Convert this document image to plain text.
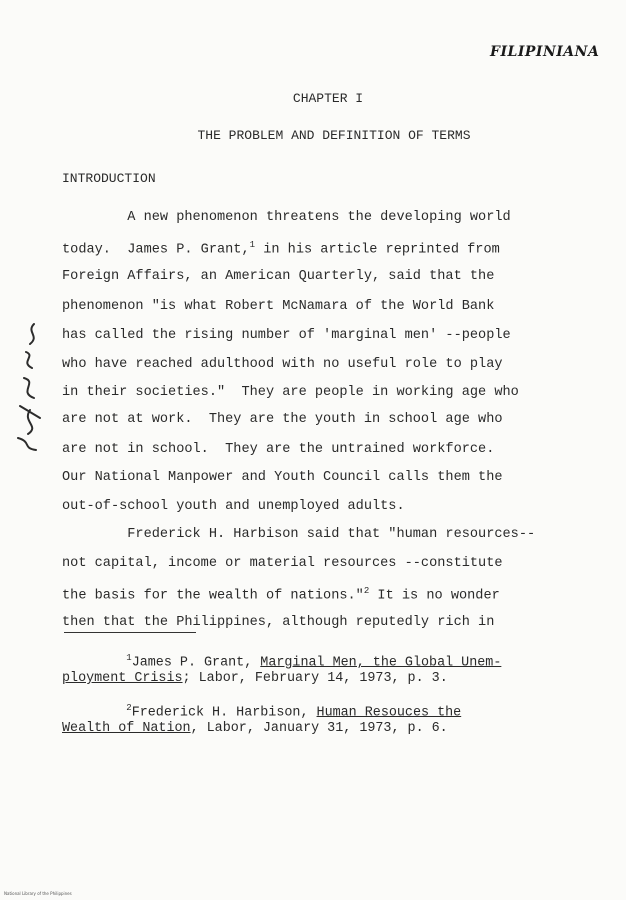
FILIPINIANA
CHAPTER I
THE PROBLEM AND DEFINITION OF TERMS
INTRODUCTION
A new phenomenon threatens the developing world
today.  James P. Grant,$^1$ in his article reprinted from
Foreign Affairs, an American Quarterly, said that the
phenomenon "is what Robert McNamara of the World Bank
has called the rising number of 'marginal men' --people
who have reached adulthood with no useful role to play
in their societies."  They are people in working age who
are not at work.  They are the youth in school age who
are not in school.  They are the untrained workforce.
Our National Manpower and Youth Council calls them the
out-of-school youth and unemployed adults.
Frederick H. Harbison said that "human resources--
not capital, income or material resources --constitute
the basis for the wealth of nations."$^2$ It is no wonder
then that the Philippines, although reputedly rich in
$^1$James P. Grant, Marginal Men, the Global Unem-
ployment Crisis; Labor, February 14, 1973, p. 3.
$^2$Frederick H. Harbison, Human Resouces the
Wealth of Nation, Labor, January 31, 1973, p. 6.
National Library of the Philippines
